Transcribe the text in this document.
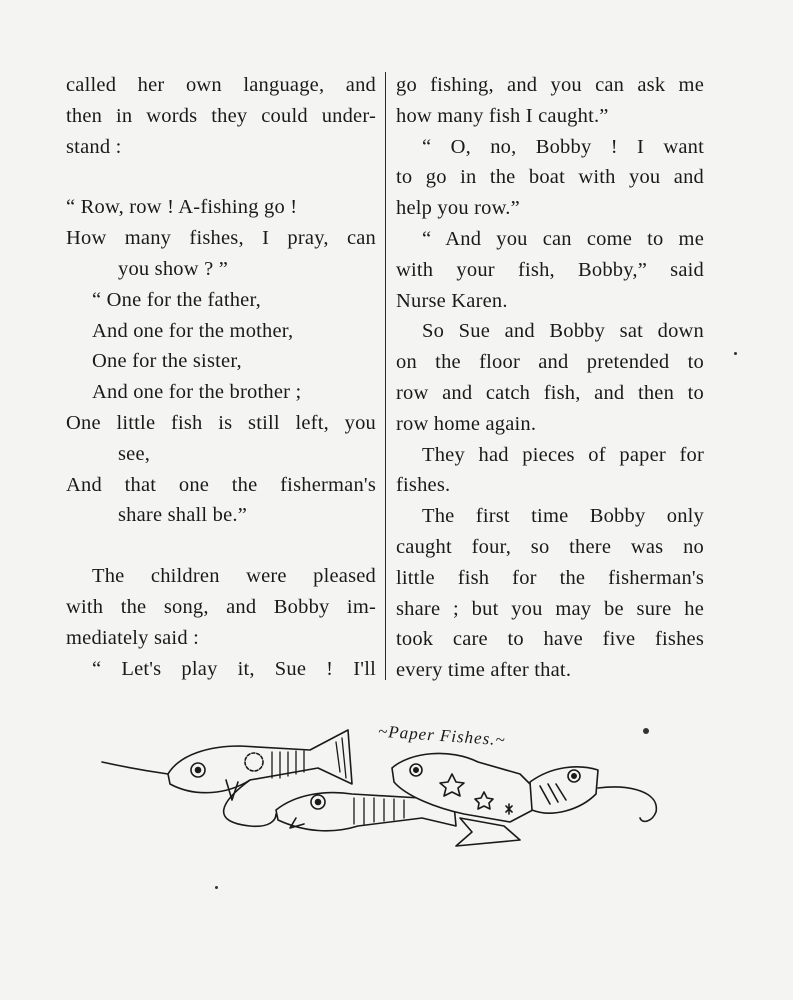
called her own language, and
then in words they could under-
stand :
“ Row, row ! A-fishing go !
How many fishes, I pray, can
you show ? ”
“ One for the father,
And one for the mother,
One for the sister,
And one for the brother ;
One little fish is still left, you
see,
And that one the fisherman's
share shall be.”
The children were pleased
with the song, and Bobby im-
mediately said :
“ Let's play it, Sue ! I'll
go fishing, and you can ask me
how many fish I caught.”
“ O, no, Bobby ! I want
to go in the boat with you and
help you row.”
“ And you can come to me
with your fish, Bobby,” said
Nurse Karen.
So Sue and Bobby sat down
on the floor and pretended to
row and catch fish, and then to
row home again.
They had pieces of paper for
fishes.
The first time Bobby only
caught four, so there was no
little fish for the fisherman's
share ; but you may be sure he
took care to have five fishes
every time after that.
~Paper Fishes.~
